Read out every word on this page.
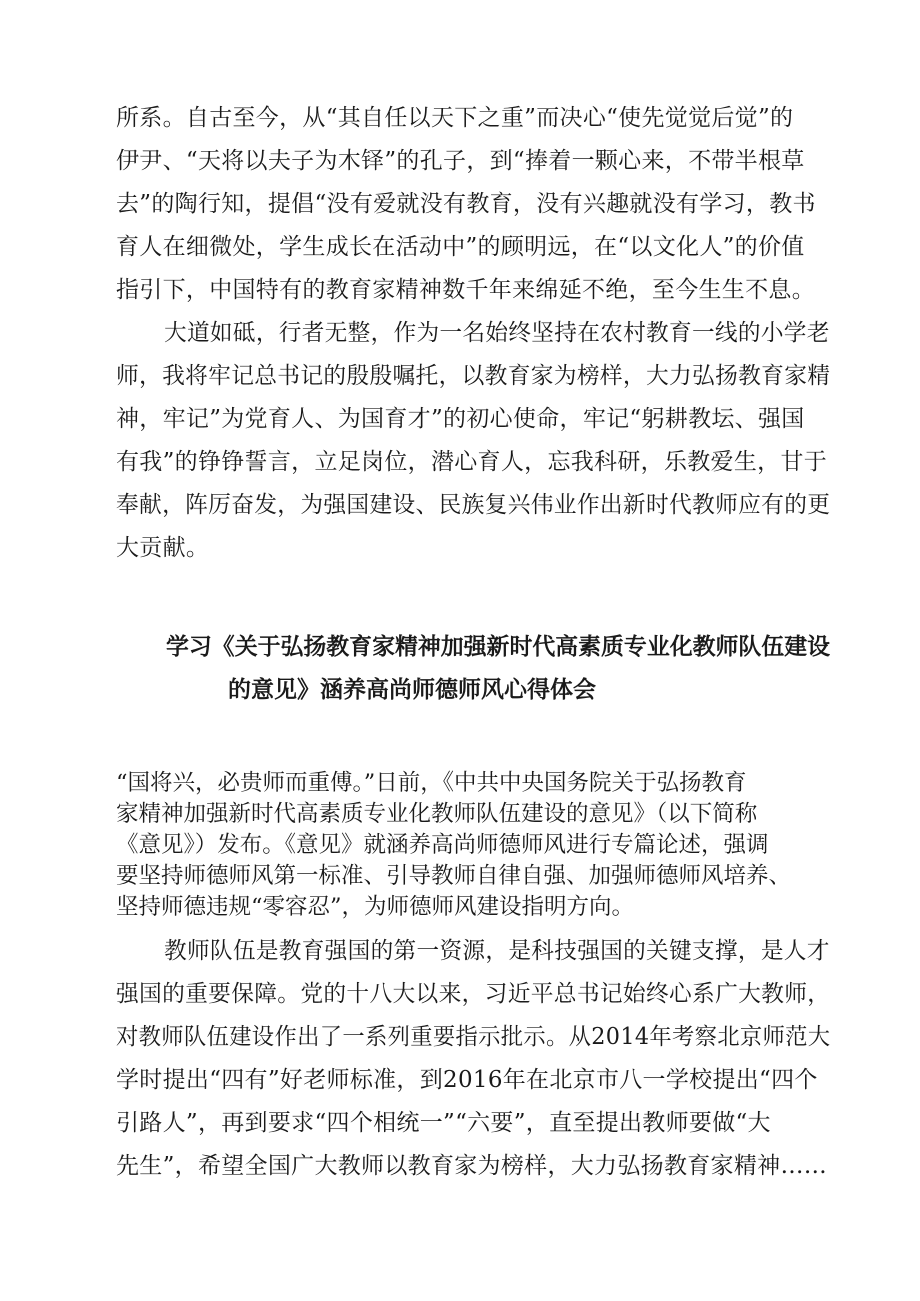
所系。自古至今，从“其自任以天下之重”而决心“使先觉觉后觉”的
伊尹、“天将以夫子为木铎”的孔子，到“捧着一颗心来，不带半根草
去”的陶行知，提倡“没有爱就没有教育，没有兴趣就没有学习，教书
育人在细微处，学生成长在活动中”的顾明远，在“以文化人”的价值
指引下，中国特有的教育家精神数千年来绵延不绝，至今生生不息。
大道如砥，行者无整，作为一名始终坚持在农村教育一线的小学老
师，我将牢记总书记的殷殷嘱托，以教育家为榜样，大力弘扬教育家精
神，牢记”为党育人、为国育才”的初心使命，牢记“躬耕教坛、强国
有我”的铮铮誓言，立足岗位，潜心育人，忘我科研，乐教爱生，甘于
奉献，阵厉奋发，为强国建设、民族复兴伟业作出新时代教师应有的更
大贡献。
学习《关于弘扬教育家精神加强新时代高素质专业化教师队伍建设
的意见》涵养高尚师德师风心得体会
“国将兴，必贵师而重傅。”日前，《中共中央国务院关于弘扬教育
家精神加强新时代高素质专业化教师队伍建设的意见》（以下简称
《意见》）发布。《意见》就涵养高尚师德师风进行专篇论述，强调
要坚持师德师风第一标准、引导教师自律自强、加强师德师风培养、
坚持师德违规“零容忍”，为师德师风建设指明方向。
教师队伍是教育强国的第一资源，是科技强国的关键支撑，是人才
强国的重要保障。党的十八大以来，习近平总书记始终心系广大教师，
对教师队伍建设作出了一系列重要指示批示。从2014年考察北京师范大
学时提出“四有”好老师标准，到2016年在北京市八一学校提出“四个
引路人”，再到要求“四个相统一”“六要”，直至提出教师要做“大
先生”，希望全国广大教师以教育家为榜样，大力弘扬教育家精神……
